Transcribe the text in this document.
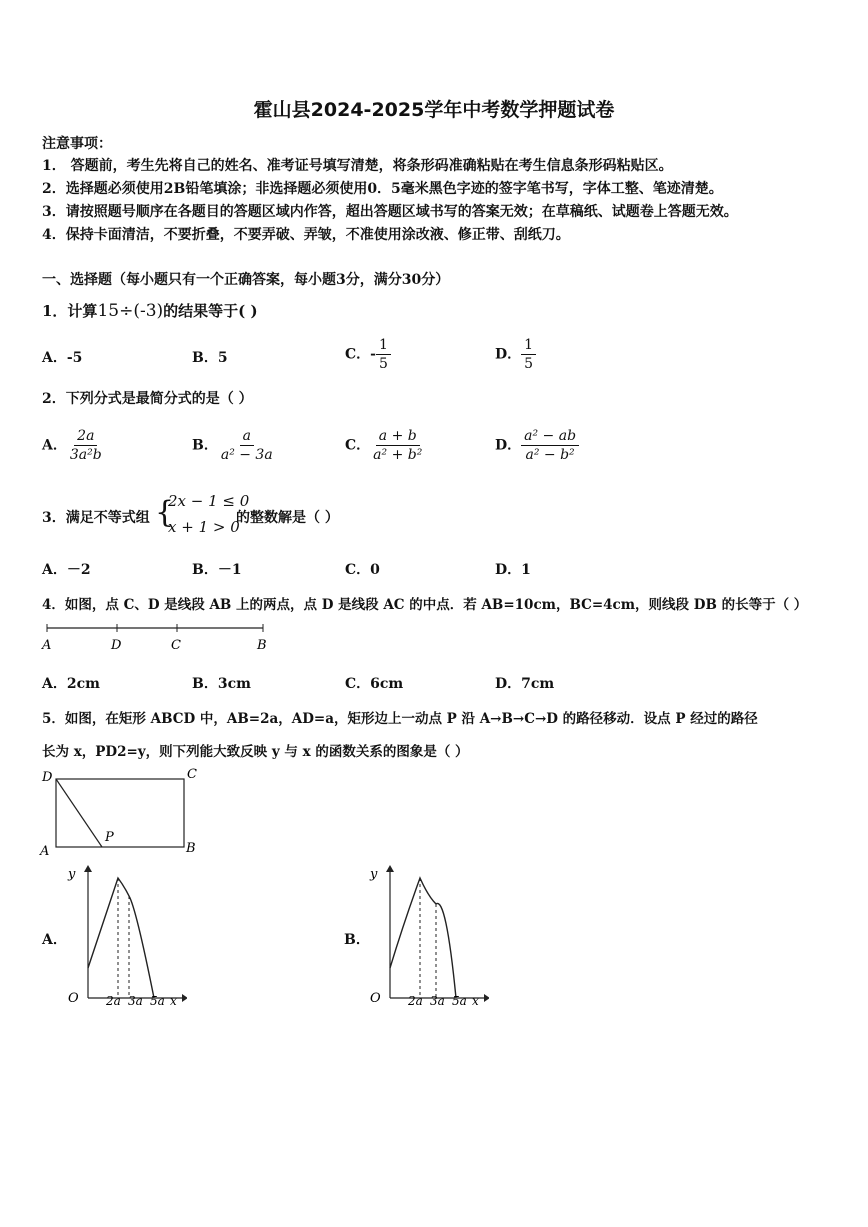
霍山县2024-2025学年中考数学押题试卷
注意事项：
1． 答题前，考生先将自己的姓名、准考证号填写清楚，将条形码准确粘贴在考生信息条形码粘贴区。
2．选择题必须使用2B铅笔填涂；非选择题必须使用0．5毫米黑色字迹的签字笔书写，字体工整、笔迹清楚。
3．请按照题号顺序在各题目的答题区域内作答，超出答题区域书写的答案无效；在草稿纸、试题卷上答题无效。
4．保持卡面清洁，不要折叠，不要弄破、弄皱，不准使用涂改液、修正带、刮纸刀。
一、选择题（每小题只有一个正确答案，每小题3分，满分30分）
1．计算15÷(-3)的结果等于( )
A．-5	B．5	C．- $\frac{1}{5}$	D． $\frac{1}{5}$
2．下列分式是最简分式的是（ ）
A． $\frac{2a}{\text{3a²b}}$	B． $\frac{a}{\text{a² − 3a}}$	C． $\frac{a + b}{\text{a² + b²}}$	D． $\frac{\text{a² − ab}}{\text{a² − b²}}$
3．满足不等式组 {
2x − 1 ≤ 0
x + 1 > 0
的整数解是（ ）
A．－2	B．－1	C．0	D．1
4．如图，点 C、D 是线段 AB 上的两点，点 D 是线段 AC 的中点．若 AB=10cm，BC=4cm，则线段 DB 的长等于（ ）
A	D	C	B
A．2cm	B．3cm	C．6cm	D．7cm
5．如图，在矩形 ABCD 中，AB=2a，AD=a，矩形边上一动点 P 沿 A→B→C→D 的路径移动．设点 P 经过的路径
长为 x，PD2=y，则下列能大致反映 y 与 x 的函数关系的图象是（ ）
D	C
A	B
P
A．
y
O 2a 3a 5a x
B．
y
O 2a 3a 5a x
